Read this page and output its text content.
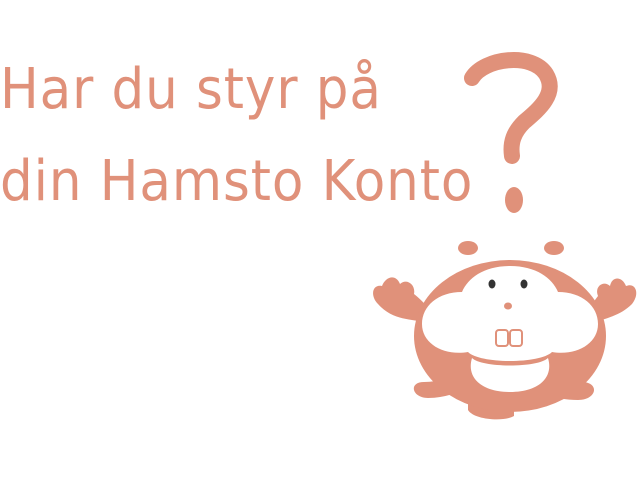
Har du styr på
din Hamsto Konto
